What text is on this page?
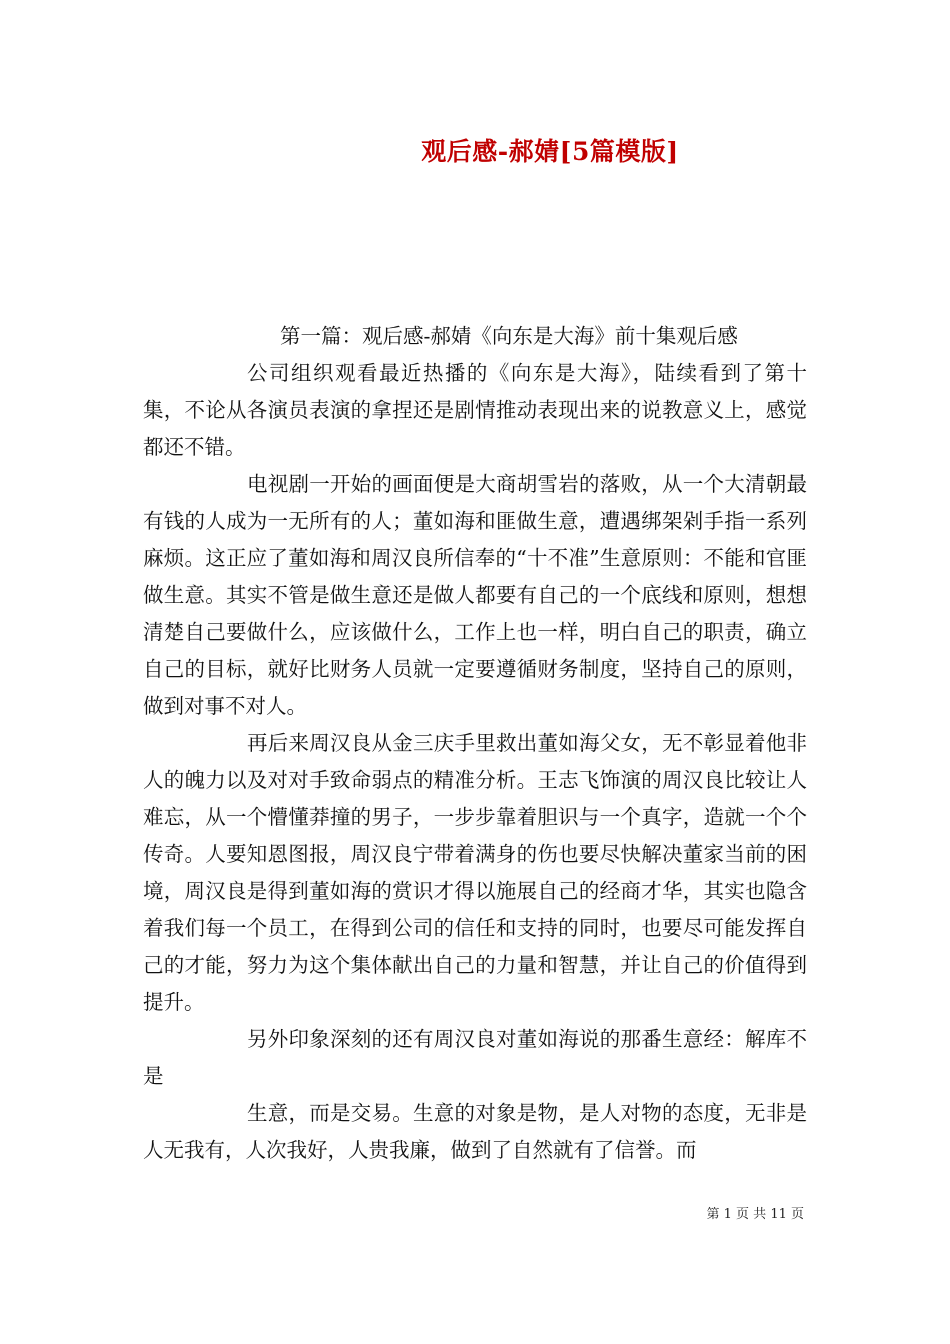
观后感-郝婧[5篇模版]

第一篇：观后感-郝婧《向东是大海》前十集观后感

公司组织观看最近热播的《向东是大海》，陆续看到了第十集，不论从各演员表演的拿捏还是剧情推动表现出来的说教意义上，感觉都还不错。

电视剧一开始的画面便是大商胡雪岩的落败，从一个大清朝最有钱的人成为一无所有的人；董如海和匪做生意，遭遇绑架剁手指一系列麻烦。这正应了董如海和周汉良所信奉的“十不准”生意原则：不能和官匪做生意。其实不管是做生意还是做人都要有自己的一个底线和原则，想想清楚自己要做什么，应该做什么，工作上也一样，明白自己的职责，确立自己的目标，就好比财务人员就一定要遵循财务制度，坚持自己的原则，做到对事不对人。

再后来周汉良从金三庆手里救出董如海父女，无不彰显着他非人的魄力以及对对手致命弱点的精准分析。王志飞饰演的周汉良比较让人难忘，从一个懵懂莽撞的男子，一步步靠着胆识与一个真字，造就一个个传奇。人要知恩图报，周汉良宁带着满身的伤也要尽快解决董家当前的困境，周汉良是得到董如海的赏识才得以施展自己的经商才华，其实也隐含着我们每一个员工，在得到公司的信任和支持的同时，也要尽可能发挥自己的才能，努力为这个集体献出自己的力量和智慧，并让自己的价值得到提升。

另外印象深刻的还有周汉良对董如海说的那番生意经：解库不是

生意，而是交易。生意的对象是物，是人对物的态度，无非是人无我有，人次我好，人贵我廉，做到了自然就有了信誉。而

第 1 页 共 11 页
